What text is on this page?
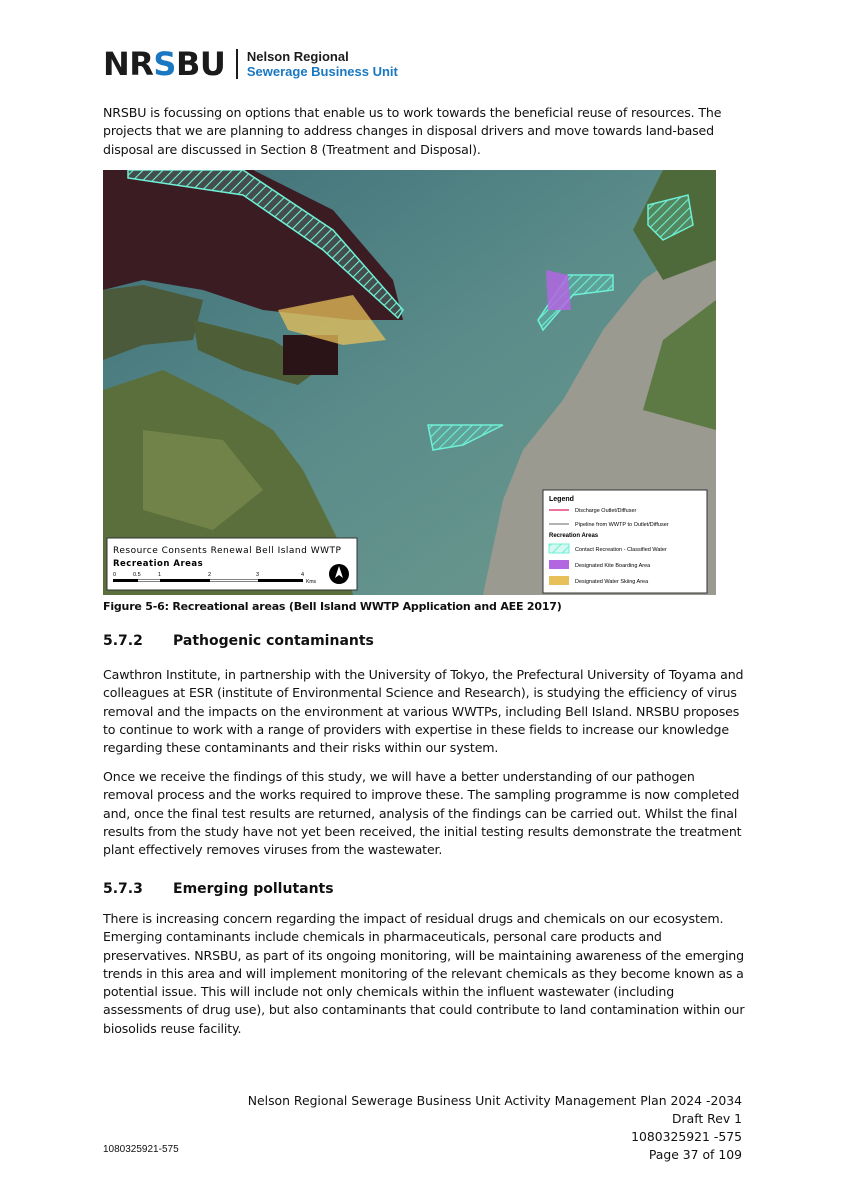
NRSBU Nelson Regional
Sewerage Business Unit

NRSBU is focussing on options that enable us to work towards the beneficial reuse of resources. The projects that we are planning to address changes in disposal drivers and move towards land-based disposal are discussed in Section 8 (Treatment and Disposal).

Legend
Discharge Outlet/Diffuser
Pipeline from WWTP to Outlet/Diffuser
Recreation Areas
Contact Recreation - Classified Water
Designated Kite Boarding Area
Designated Water Skiing Area
Resource Consents Renewal Bell Island WWTP
Recreation Areas
0	0.5	1	2	3	4
Kms

Figure 5-6: Recreational areas (Bell Island WWTP Application and AEE 2017)

5.7.2 Pathogenic contaminants

Cawthron Institute, in partnership with the University of Tokyo, the Prefectural University of Toyama and colleagues at ESR (institute of Environmental Science and Research), is studying the efficiency of virus removal and the impacts on the environment at various WWTPs, including Bell Island. NRSBU proposes to continue to work with a range of providers with expertise in these fields to increase our knowledge regarding these contaminants and their risks within our system.

Once we receive the findings of this study, we will have a better understanding of our pathogen removal process and the works required to improve these. The sampling programme is now completed and, once the final test results are returned, analysis of the findings can be carried out. Whilst the final results from the study have not yet been received, the initial testing results demonstrate the treatment plant effectively removes viruses from the wastewater.

5.7.3 Emerging pollutants

There is increasing concern regarding the impact of residual drugs and chemicals on our ecosystem. Emerging contaminants include chemicals in pharmaceuticals, personal care products and preservatives. NRSBU, as part of its ongoing monitoring, will be maintaining awareness of the emerging trends in this area and will implement monitoring of the relevant chemicals as they become known as a potential issue. This will include not only chemicals within the influent wastewater (including assessments of drug use), but also contaminants that could contribute to land contamination within our biosolids reuse facility.

Nelson Regional Sewerage Business Unit Activity Management Plan 2024 -2034
Draft Rev 1
1080325921 -575
Page 37 of 109
1080325921-575
